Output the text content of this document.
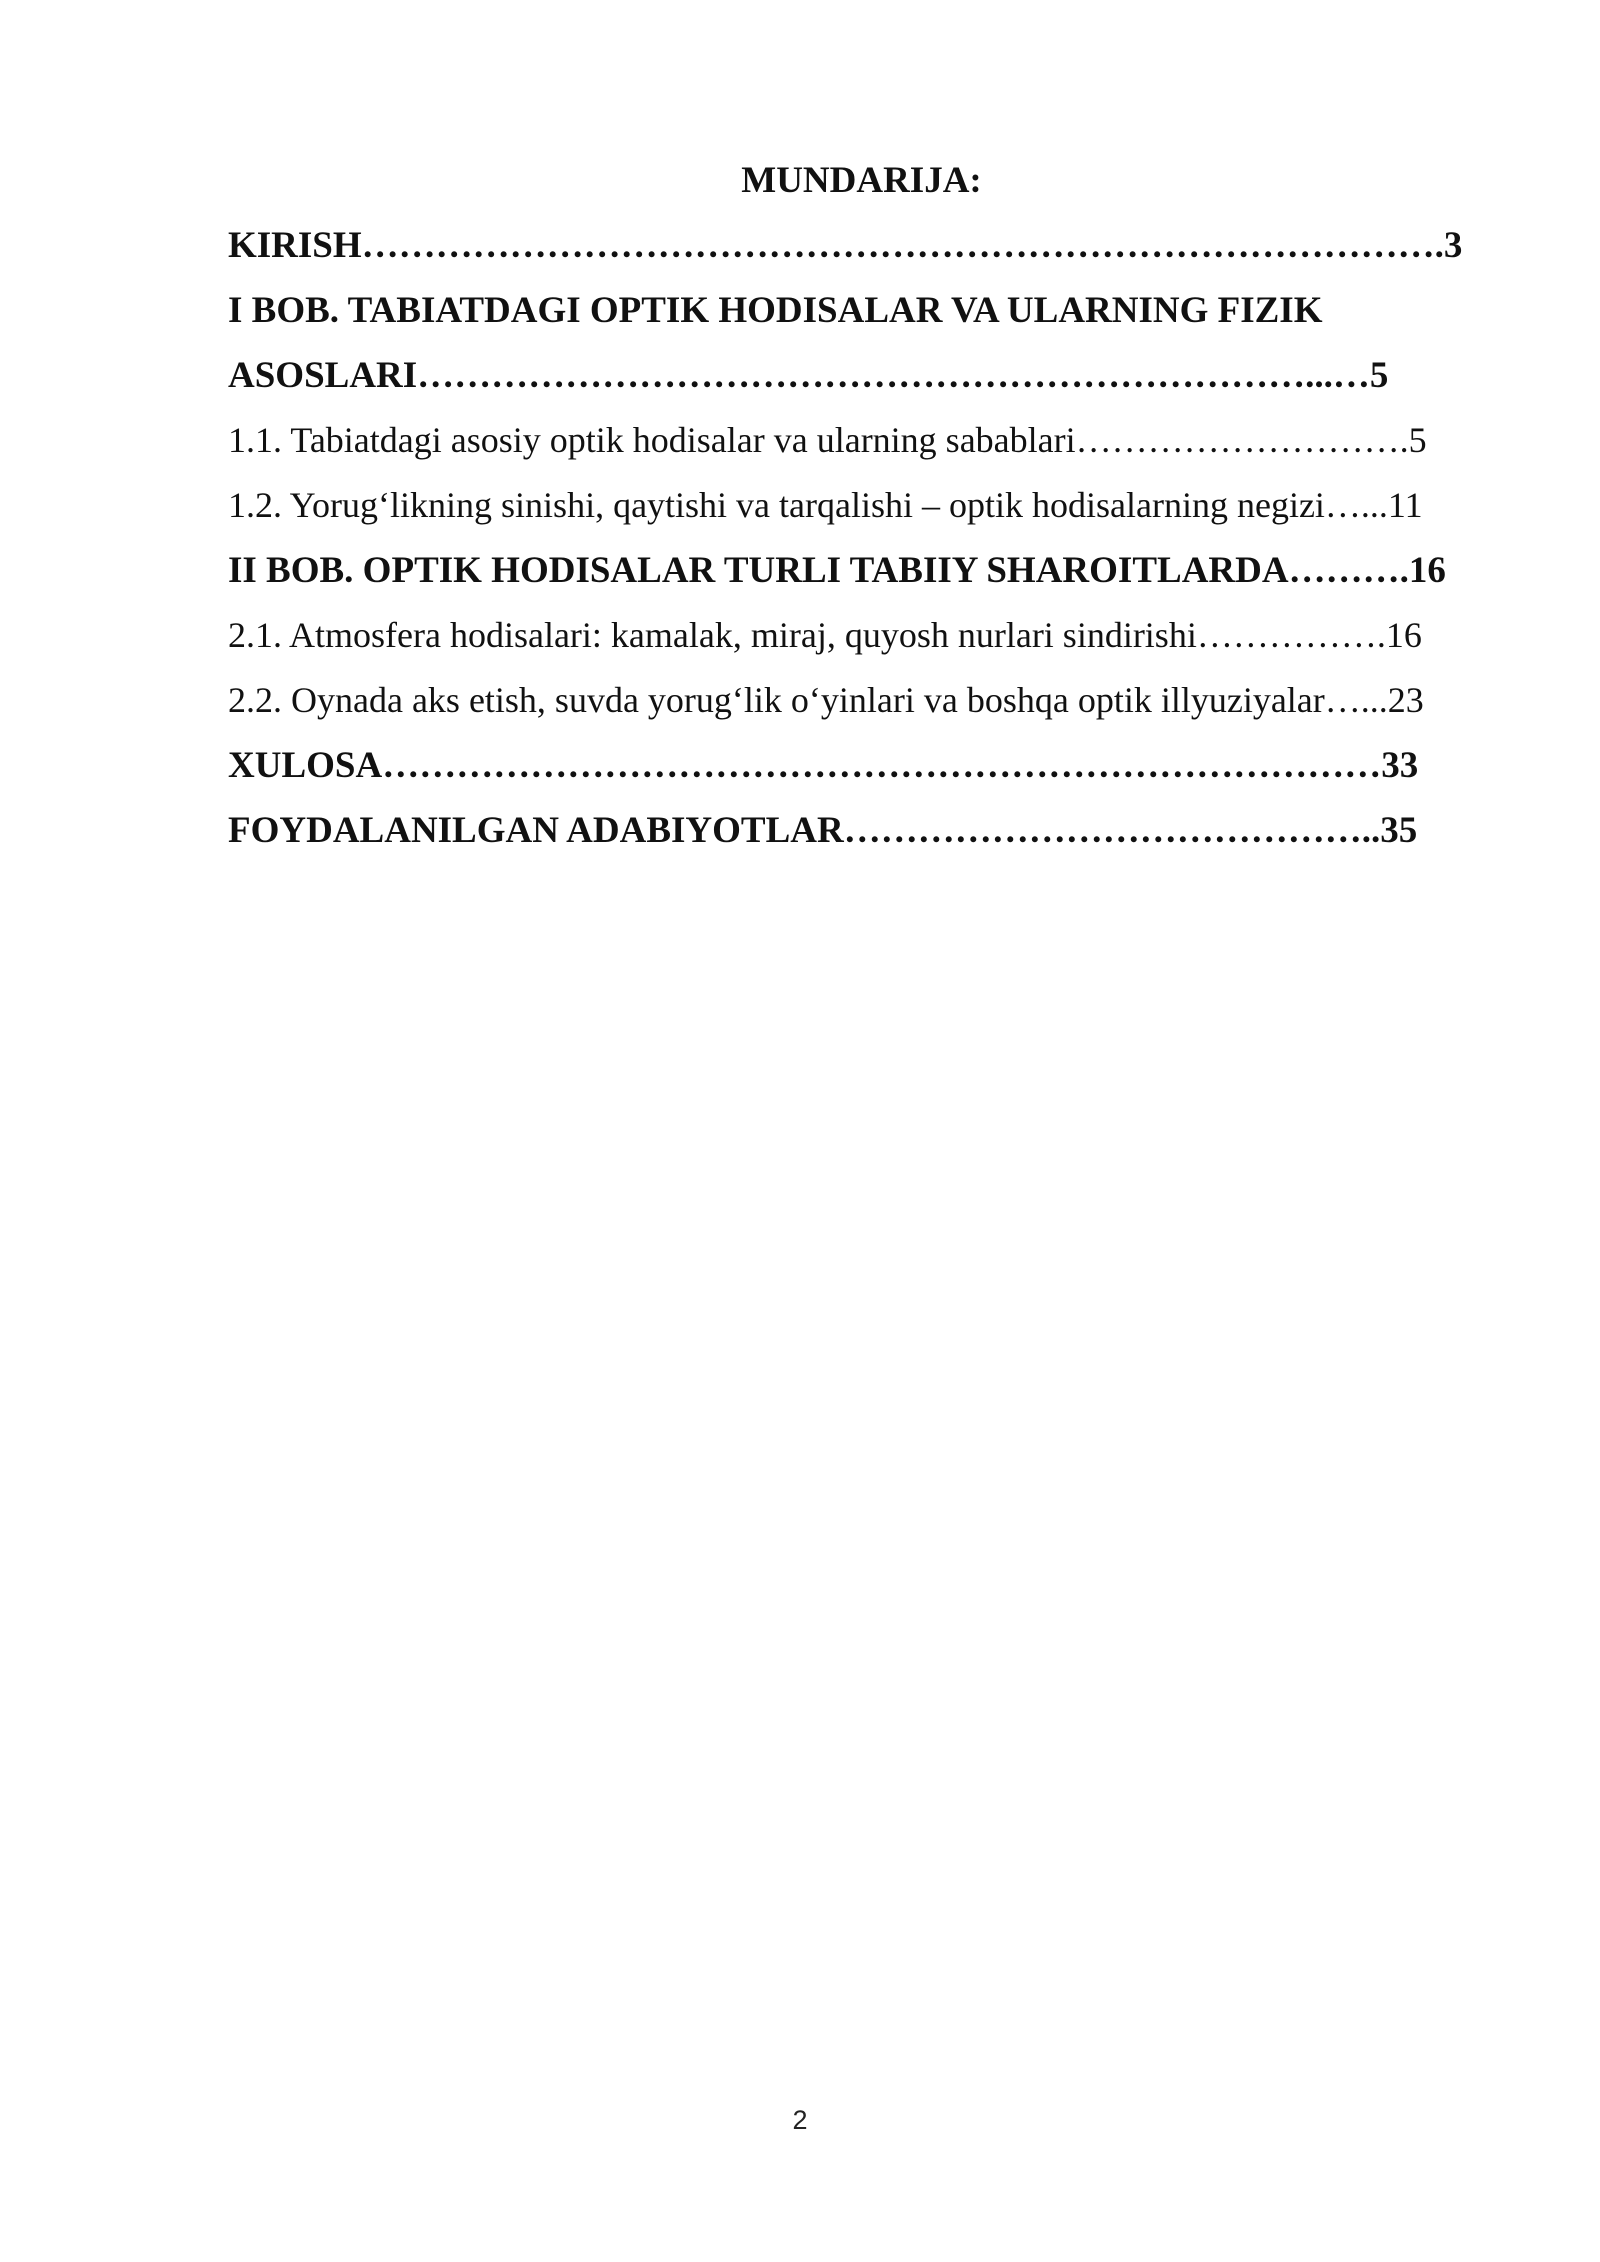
MUNDARIJA:
KIRISH…………………………………………………………………………….3
I BOB. TABIATDAGI OPTIK HODISALAR VA ULARNING FIZIK
ASOSLARI………………………………………………………………...…5
1.1. Tabiatdagi asosiy optik hodisalar va ularning sabablari……………………….5
1.2. Yorug‘likning sinishi, qaytishi va tarqalishi – optik hodisalarning negizi…...11
II BOB. OPTIK HODISALAR TURLI TABIIY SHAROITLARDA……….16
2.1. Atmosfera hodisalari: kamalak, miraj, quyosh nurlari sindirishi…………….16
2.2. Oynada aks etish, suvda yorug‘lik o‘yinlari va boshqa optik illyuziyalar…...23
XULOSA………………………………………………………………………33
FOYDALANILGAN ADABIYOTLAR……………………………………..35
2
